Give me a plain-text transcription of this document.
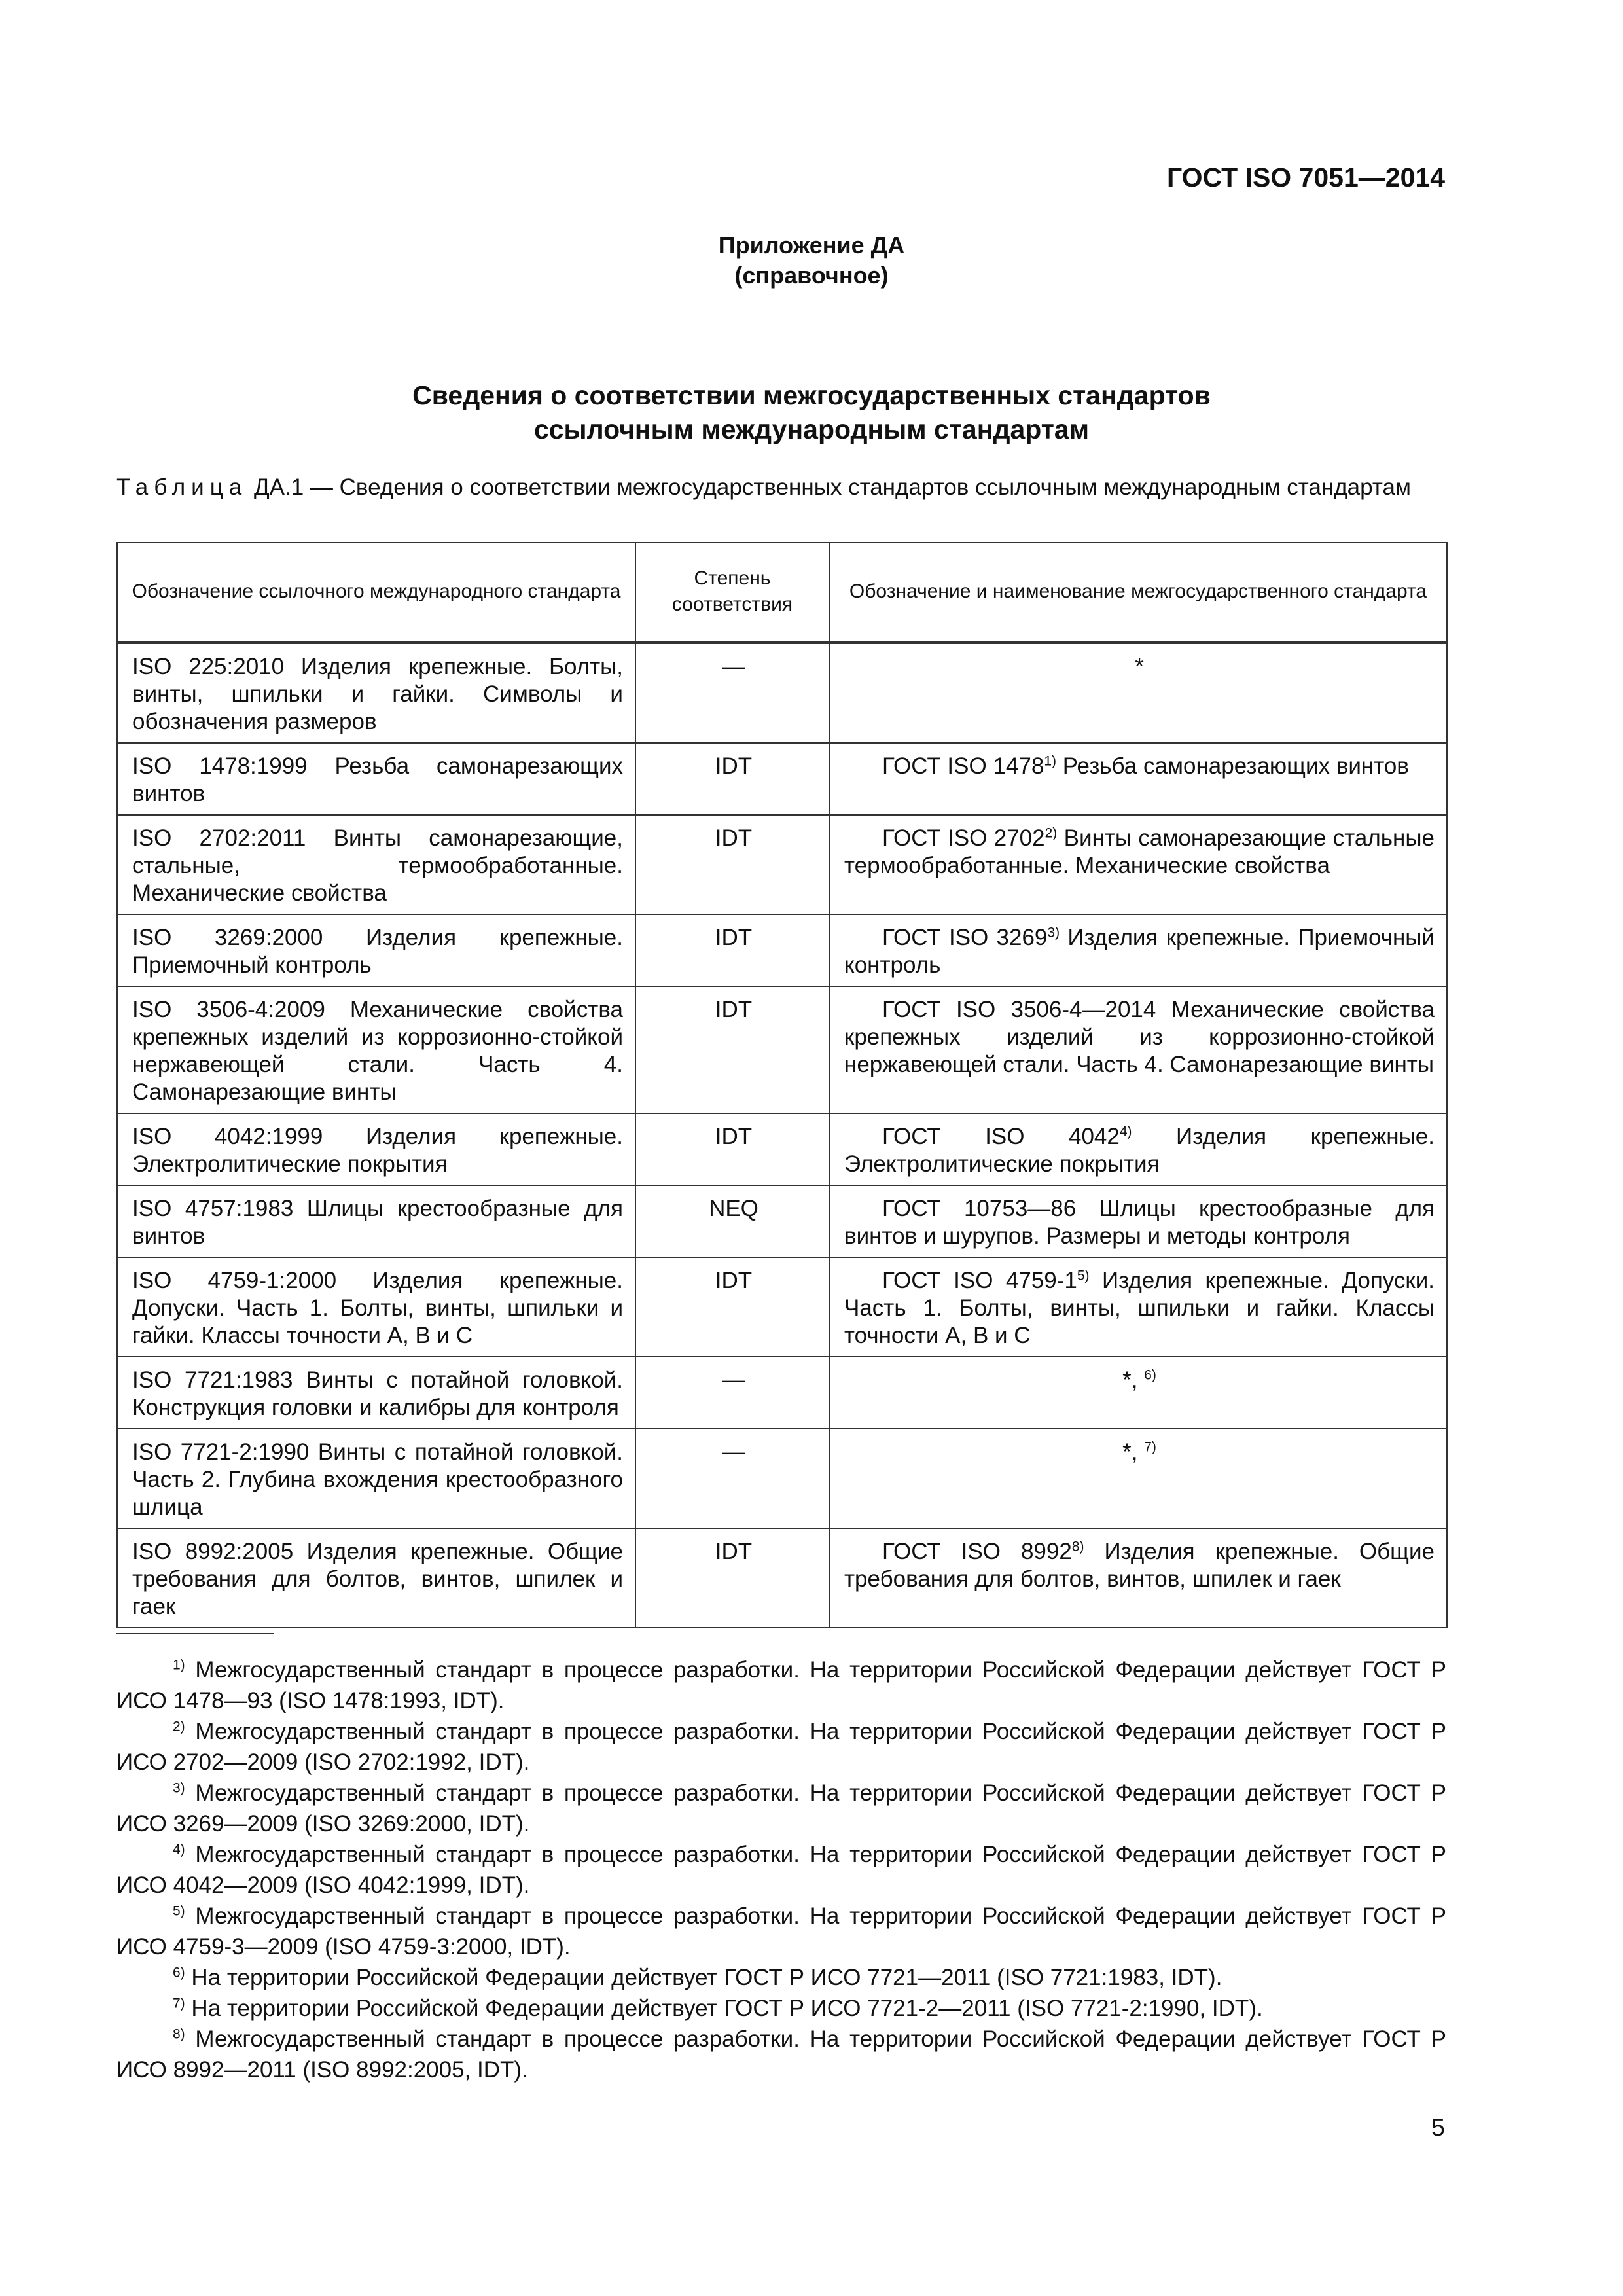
ГОСТ ISO 7051—2014
Приложение ДА
(справочное)
Сведения о соответствии межгосударственных стандартов
ссылочным международным стандартам
Таблица ДА.1 — Сведения о соответствии межгосударственных стандартов ссылочным международным стандартам
Обозначение ссылочного международного стандарта	Степень соответствия	Обозначение и наименование межгосударственного стандарта
ISO 225:2010 Изделия крепежные. Болты, винты, шпильки и гайки. Символы и обозначения размеров	—	*
ISO 1478:1999 Резьба самонарезающих винтов	IDT	ГОСТ ISO 1478$^{1)}$ Резьба самонарезающих винтов
ISO 2702:2011 Винты самонарезающие, стальные, термообработанные. Механические свойства	IDT	ГОСТ ISO 2702$^{2)}$ Винты самонарезающие стальные термообработанные. Механические свойства
ISO 3269:2000 Изделия крепежные. Приемочный контроль	IDT	ГОСТ ISO 3269$^{3)}$ Изделия крепежные. Приемочный контроль
ISO 3506-4:2009 Механические свойства крепежных изделий из коррозионно-стойкой нержавеющей стали. Часть 4. Самонарезающие винты	IDT	ГОСТ ISO 3506-4—2014 Механические свойства крепежных изделий из коррозионно-стойкой нержавеющей стали. Часть 4. Самонарезающие винты
ISO 4042:1999 Изделия крепежные. Электролитические покрытия	IDT	ГОСТ ISO 4042$^{4)}$ Изделия крепежные. Электролитические покрытия
ISO 4757:1983 Шлицы крестообразные для винтов	NEQ	ГОСТ 10753—86 Шлицы крестообразные для винтов и шурупов. Размеры и методы контроля
ISO 4759-1:2000 Изделия крепежные. Допуски. Часть 1. Болты, винты, шпильки и гайки. Классы точности А, В и С	IDT	ГОСТ ISO 4759-1$^{5)}$ Изделия крепежные. Допуски. Часть 1. Болты, винты, шпильки и гайки. Классы точности А, В и С
ISO 7721:1983 Винты с потайной головкой. Конструкция головки и калибры для контроля	—	*, $^{6)}$
ISO 7721-2:1990 Винты с потайной головкой. Часть 2. Глубина вхождения крестообразного шлица	—	*, $^{7)}$
ISO 8992:2005 Изделия крепежные. Общие требования для болтов, винтов, шпилек и гаек	IDT	ГОСТ ISO 8992$^{8)}$ Изделия крепежные. Общие требования для болтов, винтов, шпилек и гаек

$^{1)}$ Межгосударственный стандарт в процессе разработки. На территории Российской Федерации действует ГОСТ Р ИСО 1478—93 (ISO 1478:1993, IDT).

$^{2)}$ Межгосударственный стандарт в процессе разработки. На территории Российской Федерации действует ГОСТ Р ИСО 2702—2009 (ISO 2702:1992, IDT).

$^{3)}$ Межгосударственный стандарт в процессе разработки. На территории Российской Федерации действует ГОСТ Р ИСО 3269—2009 (ISO 3269:2000, IDT).

$^{4)}$ Межгосударственный стандарт в процессе разработки. На территории Российской Федерации действует ГОСТ Р ИСО 4042—2009 (ISO 4042:1999, IDT).

$^{5)}$ Межгосударственный стандарт в процессе разработки. На территории Российской Федерации действует ГОСТ Р ИСО 4759-3—2009 (ISO 4759-3:2000, IDT).

$^{6)}$ На территории Российской Федерации действует ГОСТ Р ИСО 7721—2011 (ISO 7721:1983, IDT).

$^{7)}$ На территории Российской Федерации действует ГОСТ Р ИСО 7721-2—2011 (ISO 7721-2:1990, IDT).

$^{8)}$ Межгосударственный стандарт в процессе разработки. На территории Российской Федерации действует ГОСТ Р ИСО 8992—2011 (ISO 8992:2005, IDT).

5
